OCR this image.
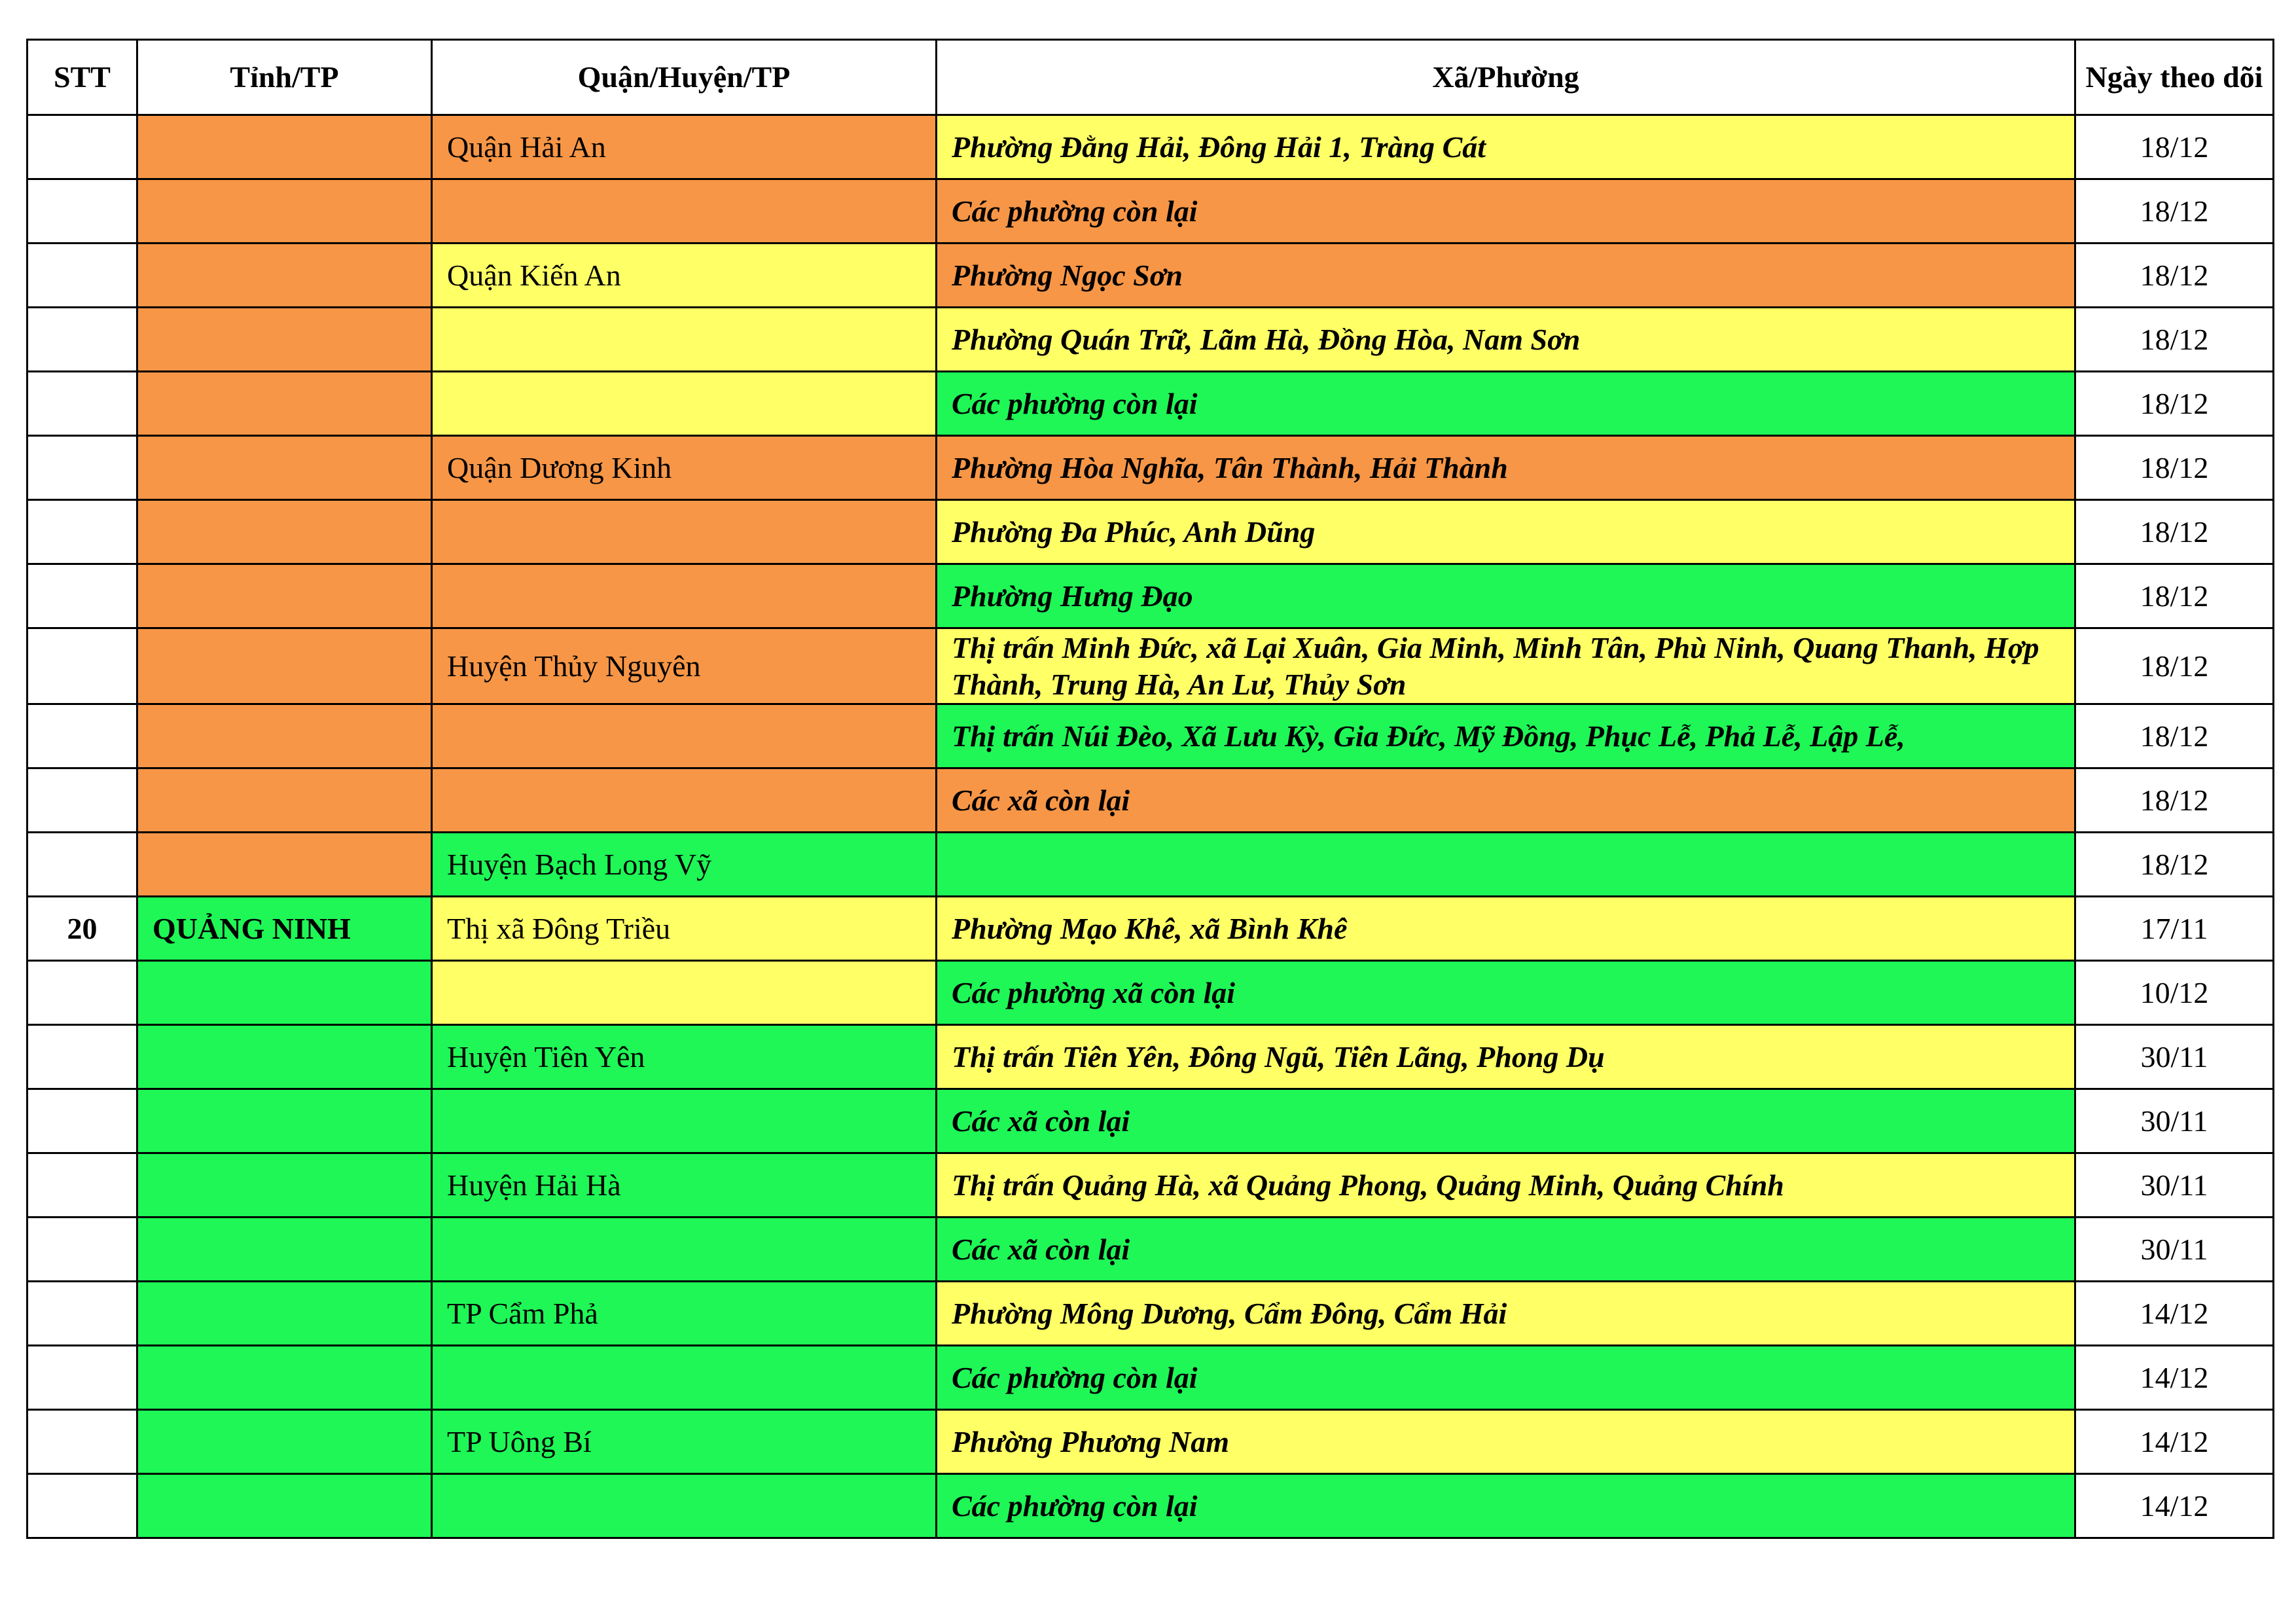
STT	Tỉnh/TP	Quận/Huyện/TP	Xã/Phường	Ngày theo dõi
		Quận Hải An	Phường Đằng Hải, Đông Hải 1, Tràng Cát	18/12
			Các phường còn lại	18/12
		Quận Kiến An	Phường Ngọc Sơn	18/12
			Phường Quán Trữ, Lãm Hà, Đồng Hòa, Nam Sơn	18/12
			Các phường còn lại	18/12
		Quận Dương Kinh	Phường Hòa Nghĩa, Tân Thành, Hải Thành	18/12
			Phường Đa Phúc, Anh Dũng	18/12
			Phường Hưng Đạo	18/12
		Huyện Thủy Nguyên	Thị trấn Minh Đức, xã Lại Xuân, Gia Minh, Minh Tân, Phù Ninh, Quang Thanh, Hợp Thành, Trung Hà, An Lư, Thủy Sơn	18/12
			Thị trấn Núi Đèo, Xã Lưu Kỳ, Gia Đức, Mỹ Đồng, Phục Lễ, Phả Lễ, Lập Lễ,	18/12
			Các xã còn lại	18/12
		Huyện Bạch Long Vỹ		18/12
20	QUẢNG NINH	Thị xã Đông Triều	Phường Mạo Khê, xã Bình Khê	17/11
			Các phường xã còn lại	10/12
		Huyện Tiên Yên	Thị trấn Tiên Yên, Đông Ngũ, Tiên Lãng, Phong Dụ	30/11
			Các xã còn lại	30/11
		Huyện Hải Hà	Thị trấn Quảng Hà, xã Quảng Phong, Quảng Minh, Quảng Chính	30/11
			Các xã còn lại	30/11
		TP Cẩm Phả	Phường Mông Dương, Cẩm Đông, Cẩm Hải	14/12
			Các phường còn lại	14/12
		TP Uông Bí	Phường Phương Nam	14/12
			Các phường còn lại	14/12
